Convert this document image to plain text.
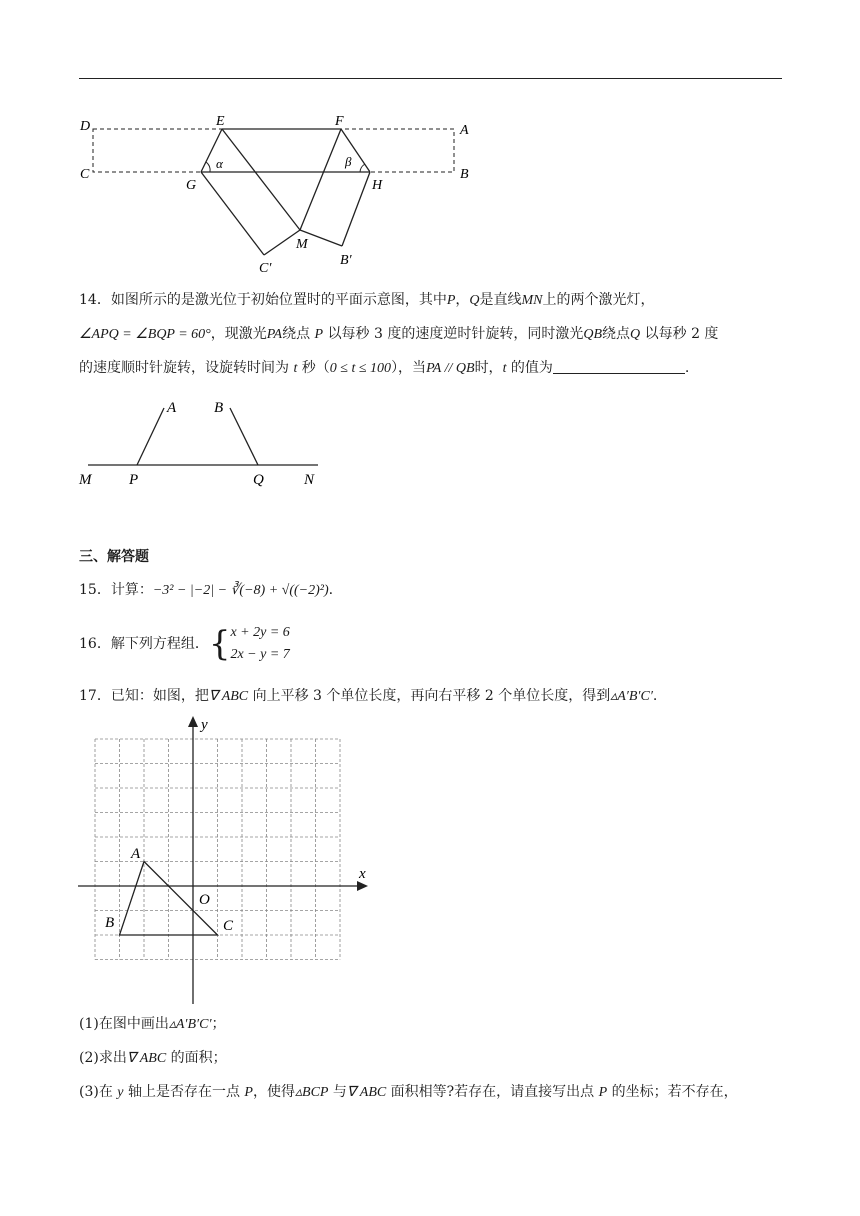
D	E	F
A
C
G	H
B
M
C′
B′
α	β
14．如图所示的是激光位于初始位置时的平面示意图，其中P，Q是直线MN上的两个激光灯，
∠APQ = ∠BQP = 60°，现激光PA绕点 P 以每秒 3 度的速度逆时针旋转，同时激光QB绕点Q 以每秒 2 度
的速度顺时针旋转，设旋转时间为 t 秒（0 ≤ t ≤ 100），当PA // QB时，t 的值为	.
A	B
M	P	Q	N
三、解答题
15．计算：−3² − |−2| − ∛(−8) + √((−2)²).
16．解下列方程组．{ x + 2y = 6
2x − y = 7
17．已知：如图，把∇ ABC 向上平移 3 个单位长度，再向右平移 2 个单位长度，得到▵A′B′C′.
x
y
O
A
B	C
(1)在图中画出▵A′B′C′；
(2)求出∇ ABC 的面积；
(3)在 y 轴上是否存在一点 P，使得▵BCP 与∇ ABC 面积相等?若存在，请直接写出点 P 的坐标；若不存在，
